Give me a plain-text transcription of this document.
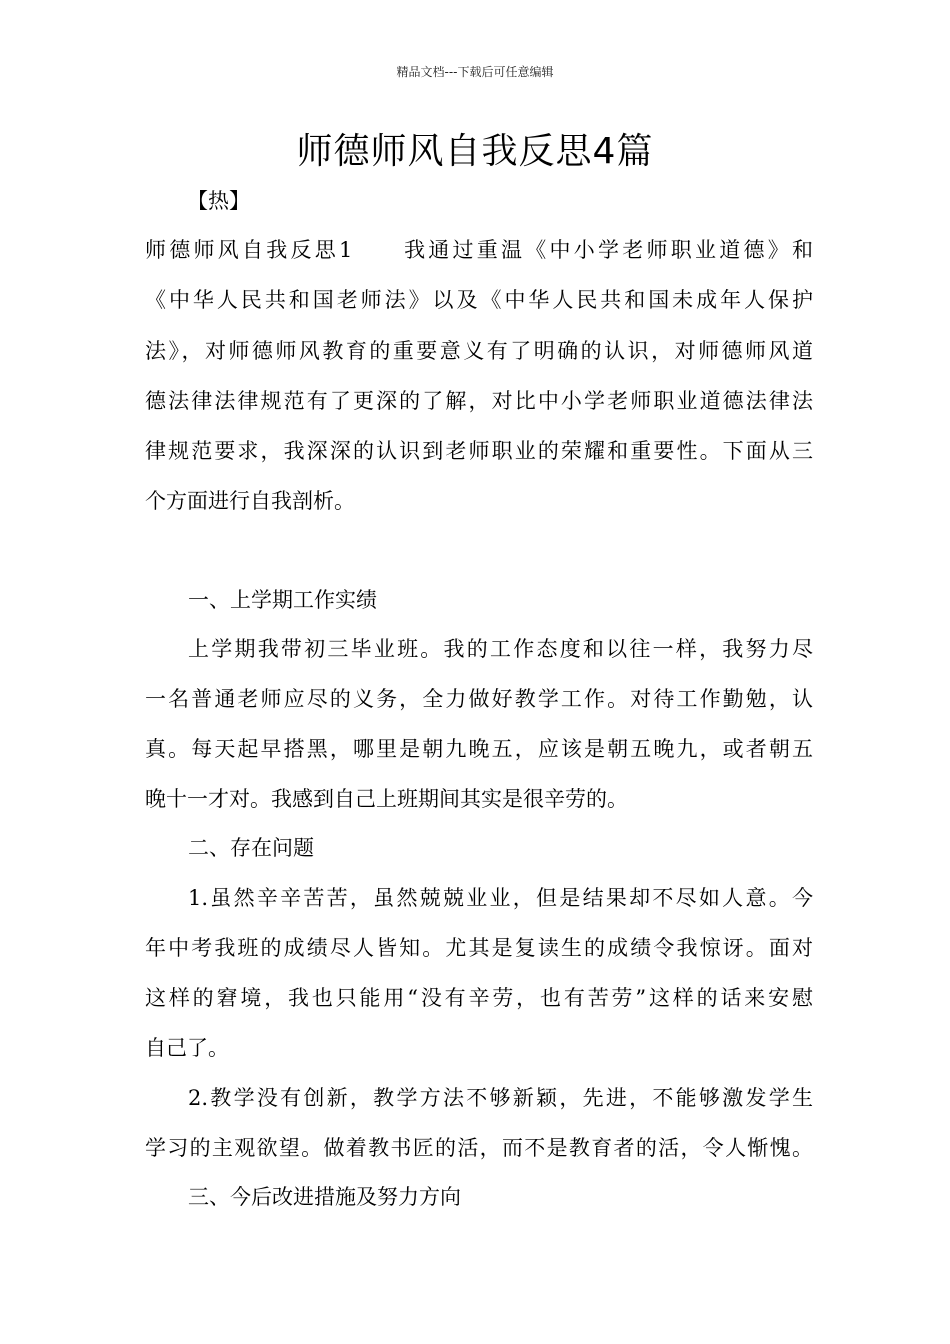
精品文档---下载后可任意编辑
师德师风自我反思4篇
【热】
师德师风自我反思1　　我通过重温《中小学老师职业道德》和
《中华人民共和国老师法》以及《中华人民共和国未成年人保护
法》，对师德师风教育的重要意义有了明确的认识，对师德师风道
德法律法律规范有了更深的了解，对比中小学老师职业道德法律法
律规范要求，我深深的认识到老师职业的荣耀和重要性。下面从三
个方面进行自我剖析。
一、上学期工作实绩
上学期我带初三毕业班。我的工作态度和以往一样，我努力尽
一名普通老师应尽的义务，全力做好教学工作。对待工作勤勉，认
真。每天起早搭黑，哪里是朝九晚五，应该是朝五晚九，或者朝五
晚十一才对。我感到自己上班期间其实是很辛劳的。
二、存在问题
1.虽然辛辛苦苦，虽然兢兢业业，但是结果却不尽如人意。今
年中考我班的成绩尽人皆知。尤其是复读生的成绩令我惊讶。面对
这样的窘境，我也只能用“没有辛劳，也有苦劳”这样的话来安慰
自己了。
2.教学没有创新，教学方法不够新颖，先进，不能够激发学生
学习的主观欲望。做着教书匠的活，而不是教育者的活，令人惭愧。
三、今后改进措施及努力方向
